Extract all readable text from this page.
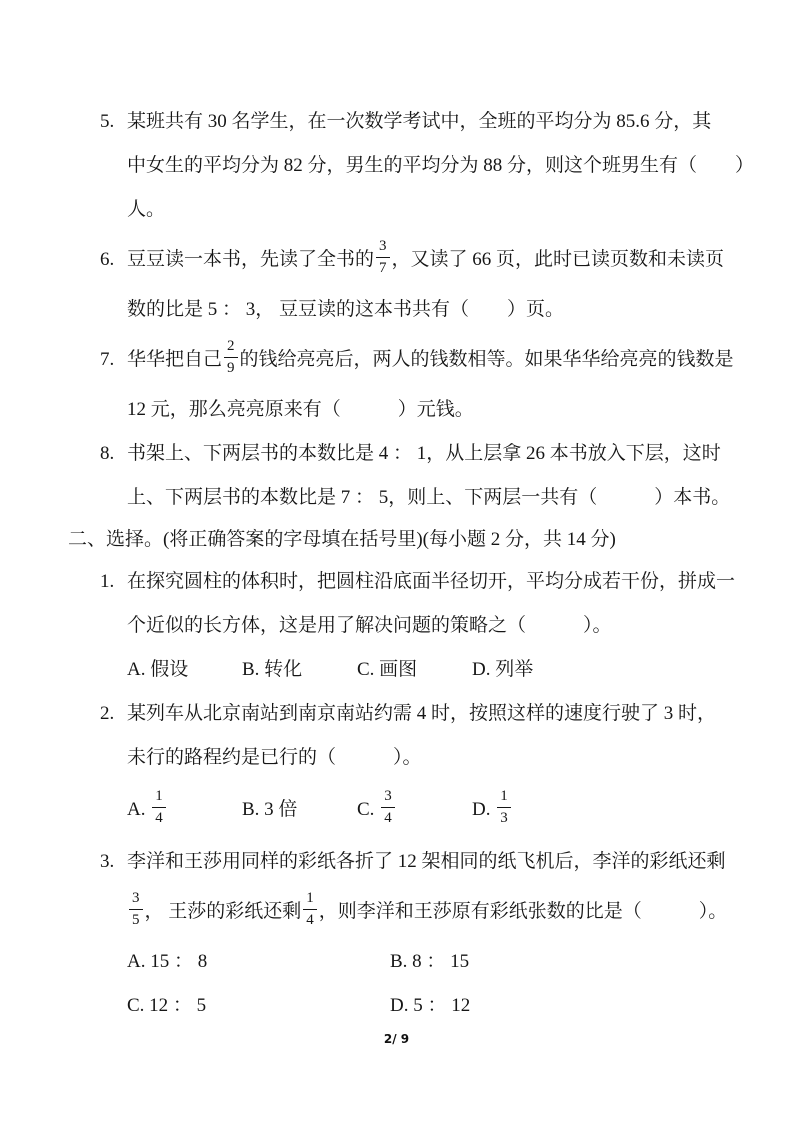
5. 某班共有 30 名学生，在一次数学考试中，全班的平均分为 85.6 分，其
中女生的平均分为 82 分，男生的平均分为 88 分，则这个班男生有（　　）
人。
6. 豆豆读一本书，先读了全书的 $\frac{3}{7}$ ，又读了 66 页，此时已读页数和未读页
数的比是 5 ： 3， 豆豆读的这本书共有（　　）页。
7. 华华把自己 $\frac{2}{9}$ 的钱给亮亮后，两人的钱数相等。如果华华给亮亮的钱数是
12 元，那么亮亮原来有（　　　）元钱。
8. 书架上、下两层书的本数比是 4 ： 1，从上层拿 26 本书放入下层，这时
上、下两层书的本数比是 7 ： 5，则上、下两层一共有（　　　）本书。
二、选择。(将正确答案的字母填在括号里)(每小题 2 分，共 14 分)
1. 在探究圆柱的体积时，把圆柱沿底面半径切开，平均分成若干份，拼成一
个近似的长方体，这是用了解决问题的策略之（　　　）。
A. 假设	B. 转化	C. 画图	D. 列举
2. 某列车从北京南站到南京南站约需 4 时，按照这样的速度行驶了 3 时，
未行的路程约是已行的（　　　）。
A. $\frac{1}{4}$	B. 3 倍	C. $\frac{3}{4}$	D. $\frac{1}{3}$
3. 李洋和王莎用同样的彩纸各折了 12 架相同的纸飞机后，李洋的彩纸还剩
$\frac{3}{5}$ ， 王莎的彩纸还剩 $\frac{1}{4}$ ，则李洋和王莎原有彩纸张数的比是（　　　）。
A. 15 ： 8	B. 8 ： 15
C. 12 ： 5	D. 5 ： 12
2/ 9
